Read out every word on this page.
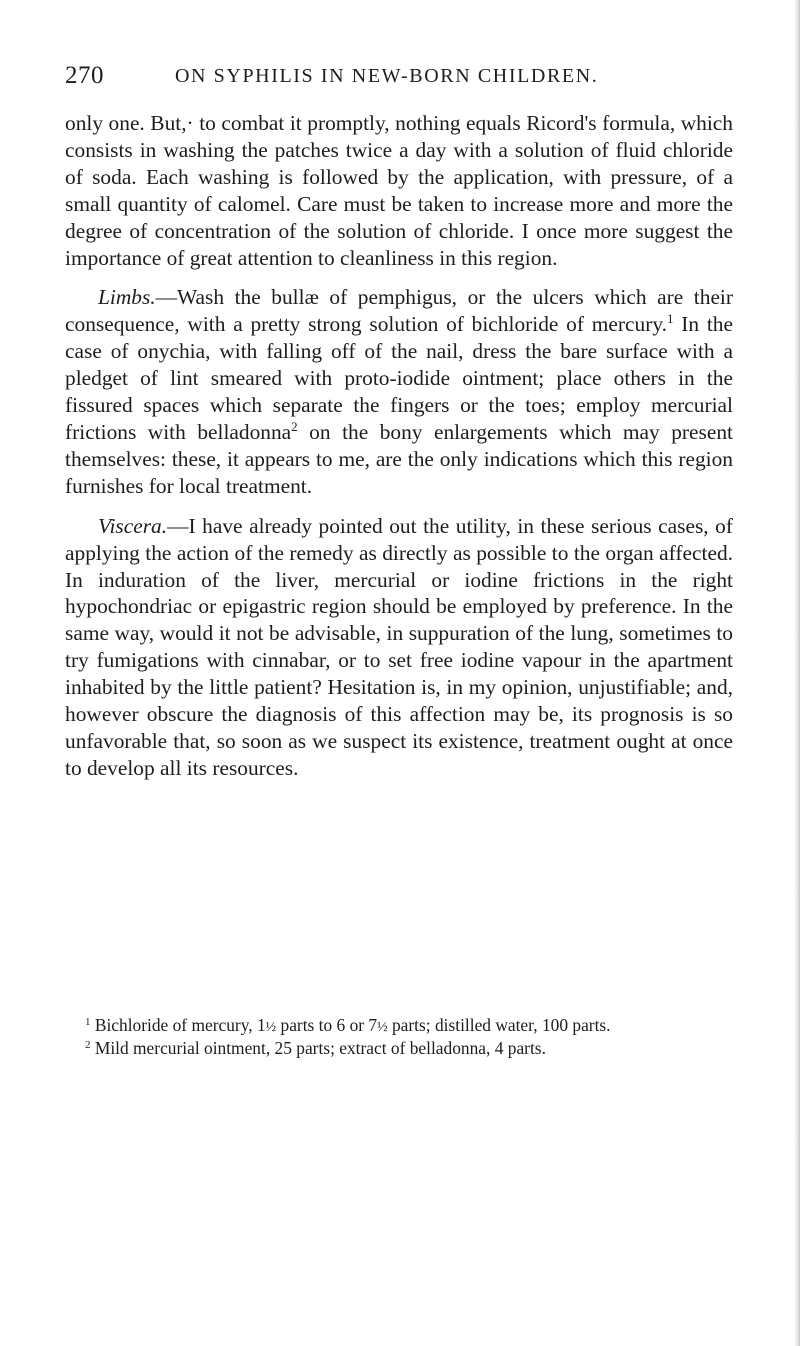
270	ON SYPHILIS IN NEW-BORN CHILDREN.

only one. But,· to combat it promptly, nothing equals Ricord's formula, which consists in washing the patches twice a day with a solution of fluid chloride of soda. Each washing is followed by the application, with pressure, of a small quantity of calomel. Care must be taken to increase more and more the degree of concentration of the solution of chloride. I once more suggest the importance of great attention to cleanliness in this region.

Limbs.—Wash the bullæ of pemphigus, or the ulcers which are their consequence, with a pretty strong solution of bichloride of mercury.$^1$ In the case of onychia, with falling off of the nail, dress the bare surface with a pledget of lint smeared with proto-iodide ointment; place others in the fissured spaces which separate the fingers or the toes; employ mercurial frictions with belladonna$^2$ on the bony enlargements which may present themselves: these, it appears to me, are the only indications which this region furnishes for local treatment.

Viscera.—I have already pointed out the utility, in these serious cases, of applying the action of the remedy as directly as possible to the organ affected. In induration of the liver, mercurial or iodine frictions in the right hypochondriac or epigastric region should be employed by preference. In the same way, would it not be advisable, in suppuration of the lung, sometimes to try fumigations with cinnabar, or to set free iodine vapour in the apartment inhabited by the little patient? Hesitation is, in my opinion, unjustifiable; and, however obscure the diagnosis of this affection may be, its prognosis is so unfavorable that, so soon as we suspect its existence, treatment ought at once to develop all its resources.

$^1$ Bichloride of mercury, 1½ parts to 6 or 7½ parts; distilled water, 100 parts.

$^2$ Mild mercurial ointment, 25 parts; extract of belladonna, 4 parts.
